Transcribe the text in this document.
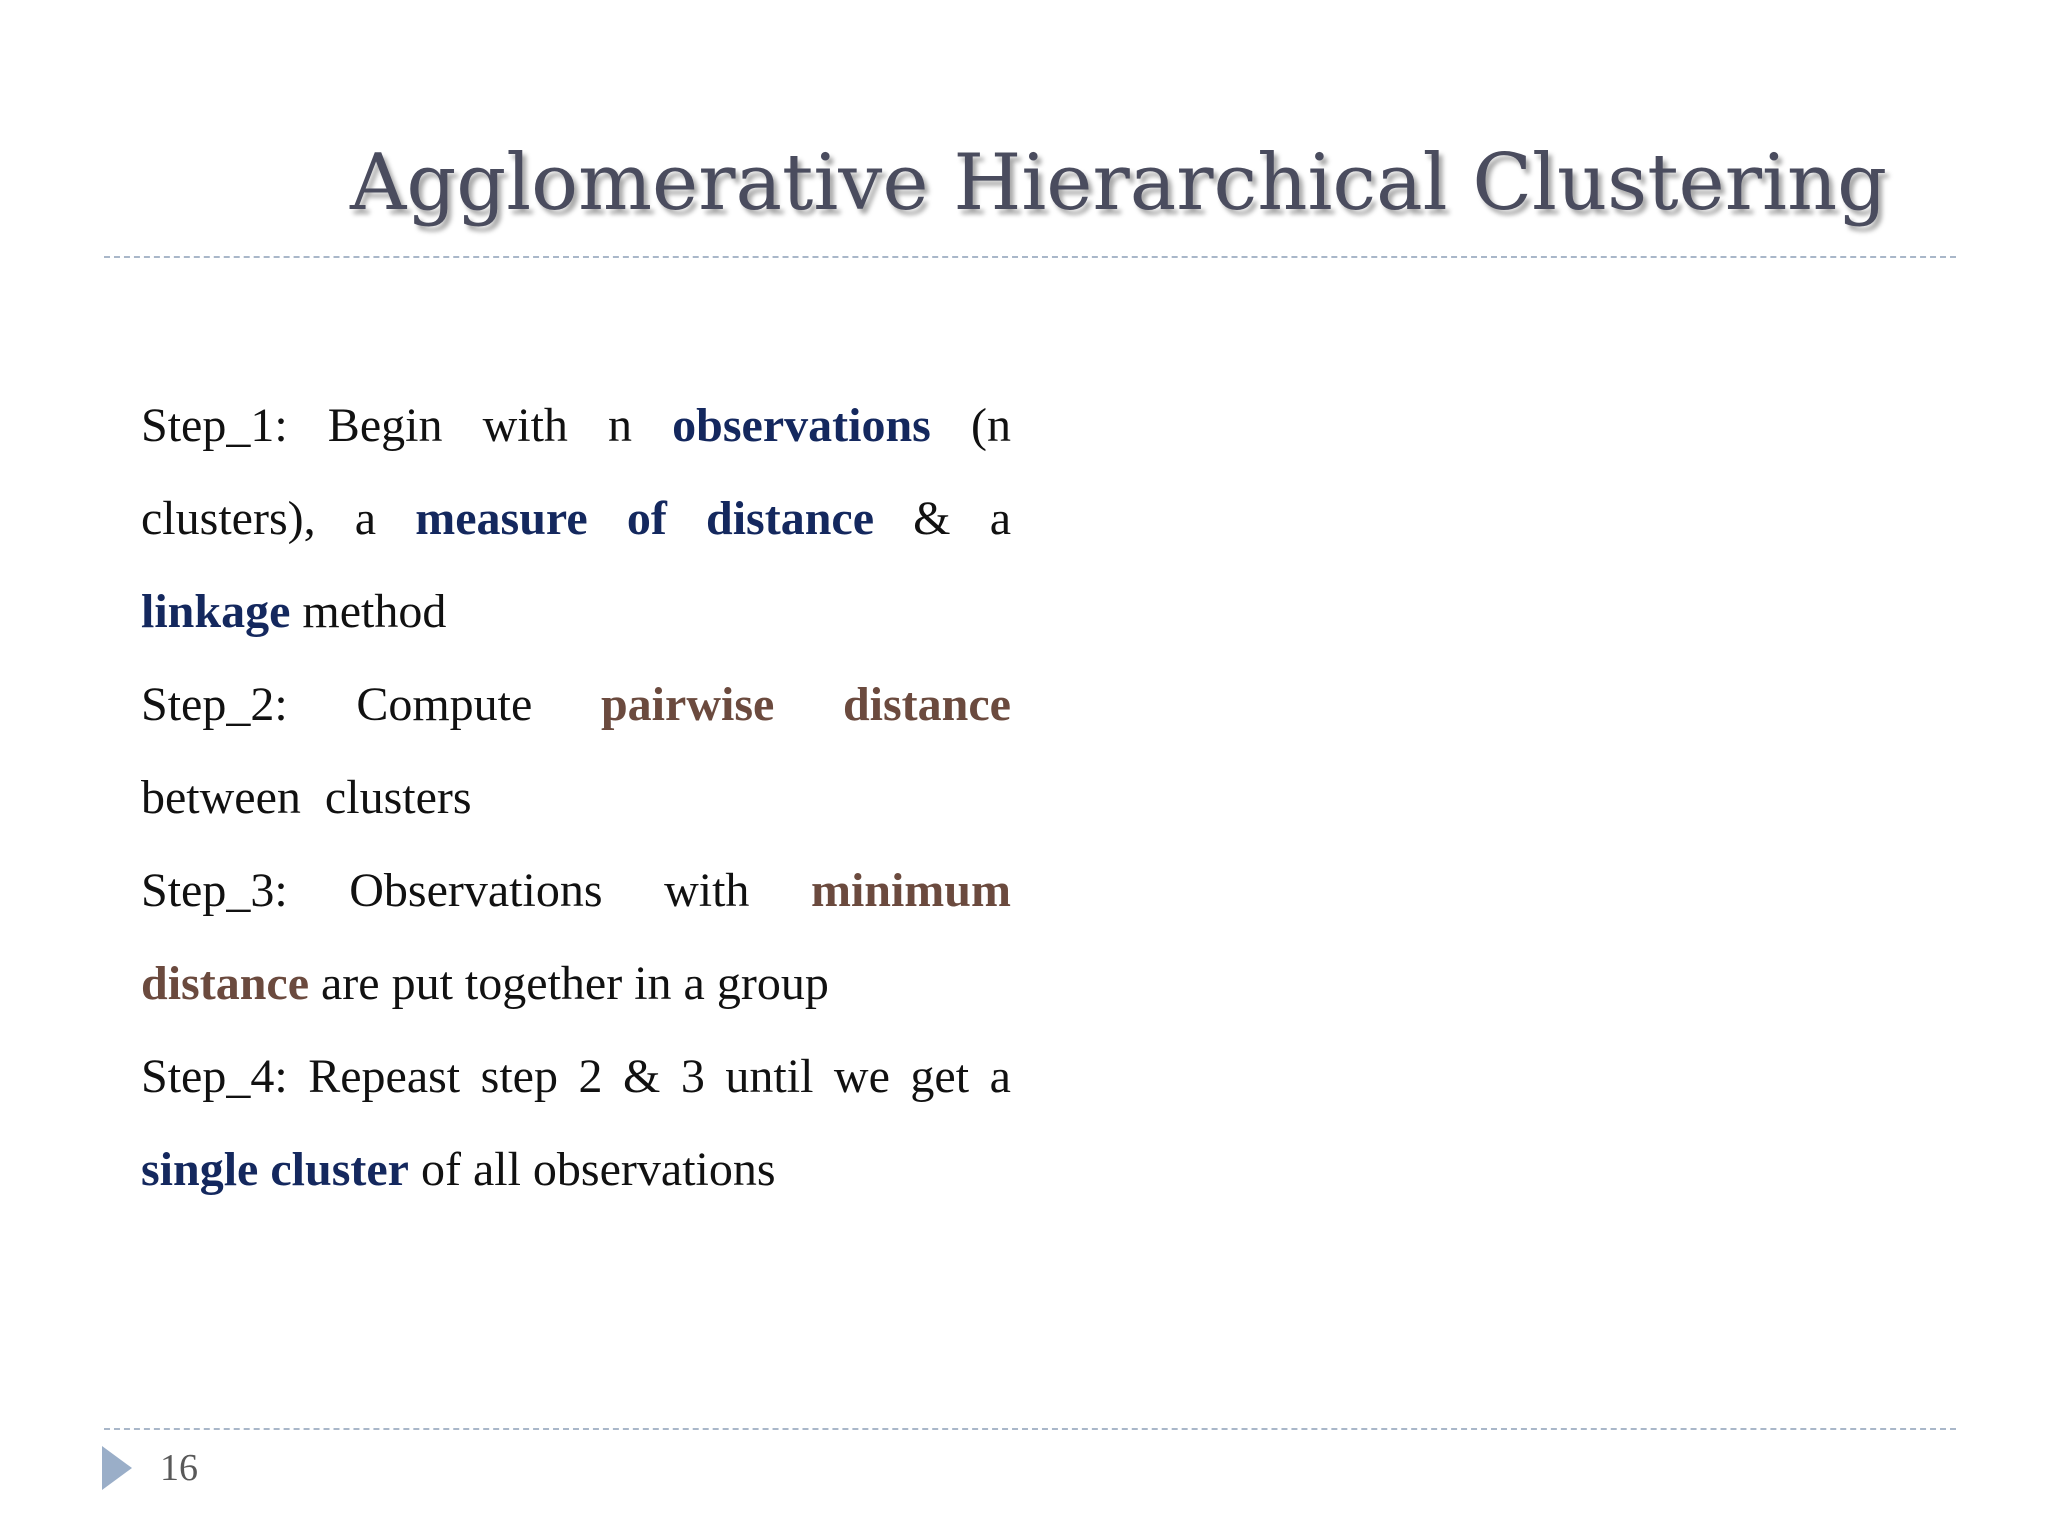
Agglomerative Hierarchical Clustering
Step_1: Begin with n observations (n
clusters), a measure of distance & a
linkage method
Step_2: Compute pairwise distance
between clusters
Step_3: Observations with minimum
distance are put together in a group
Step_4: Repeast step 2 & 3 until we get a
single cluster of all observations
16
